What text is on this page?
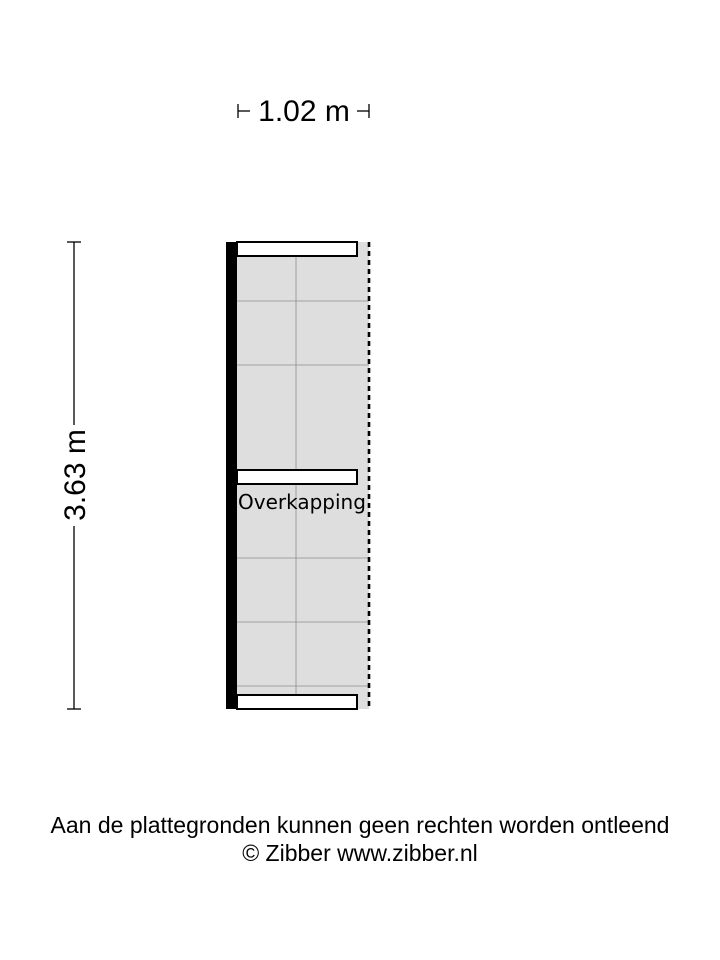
1.02 m
3.63 m	Overkapping
Aan de plattegronden kunnen geen rechten worden ontleend
© Zibber www.zibber.nl
